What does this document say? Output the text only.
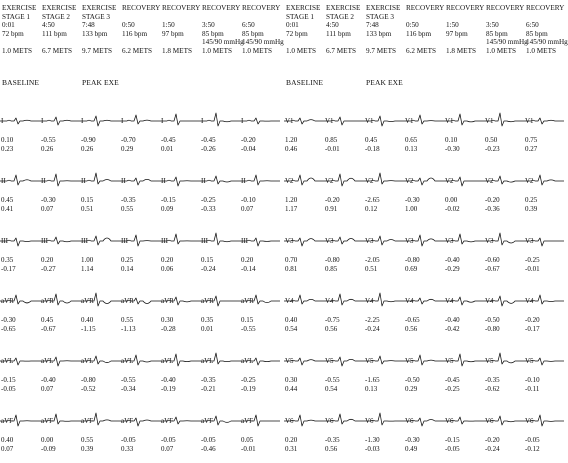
EXERCISE
STAGE 1
0:01
72 bpm
1.0 METS
EXERCISE
STAGE 2
4:50
111 bpm
6.7 METS
EXERCISE
STAGE 3
7:48
133 bpm
9.7 METS
RECOVERY
0:50
116 bpm
6.2 METS
RECOVERY
1:50
97 bpm
1.8 METS
RECOVERY
3:50
85 bpm
145/90 mmHg
1.0 METS
RECOVERY
6:50
85 bpm
145/90 mmHg
1.0 METS
BASELINE	PEAK EXE
I
0.10
0.23
I
-0.55
0.26
I
-0.90
0.26
I
-0.70
0.29
I
-0.45
0.01
I
-0.45
-0.26
I
-0.20
-0.04
II
0.45
0.41
II
-0.30
0.07
II
0.15
0.51
II
-0.35
0.55
II
-0.15
0.09
II
-0.25
-0.33
II
-0.10
0.07
III
0.35
-0.17
III
0.20
-0.27
III
1.00
1.14
III
0.25
0.14
III
0.20
0.06
III
0.15
-0.24
III
0.20
-0.14
aVR
-0.30
-0.65
aVR
0.45
-0.67
aVR
0.40
-1.15
aVR
0.55
-1.13
aVR
0.30
-0.28
aVR
0.35
0.01
aVR
0.15
-0.55
aVL
-0.15
-0.05
aVL
-0.40
0.07
aVL
-0.80
-0.52
aVL
-0.55
-0.34
aVL
-0.40
-0.19
aVL
-0.35
-0.21
aVL
-0.25
-0.19
aVF
0.40
0.07
aVF
0.00
-0.09
aVF
0.55
0.39
aVF
-0.05
0.33
aVF
-0.05
0.07
aVF
-0.05
-0.46
aVF
0.05
-0.01
EXERCISE
STAGE 1
0:01
72 bpm
1.0 METS
EXERCISE
STAGE 2
4:50
111 bpm
6.7 METS
EXERCISE
STAGE 3
7:48
133 bpm
9.7 METS
RECOVERY
0:50
116 bpm
6.2 METS
RECOVERY
1:50
97 bpm
1.8 METS
RECOVERY
3:50
85 bpm
145/90 mmHg
1.0 METS
RECOVERY
6:50
85 bpm
145/90 mmHg
1.0 METS
BASELINE	PEAK EXE
V1
1.20
0.46
V1
0.85
-0.01
V1
0.45
-0.18
V1
0.65
0.13
V1
0.10
-0.30
V1
0.50
-0.23
V1
0.75
0.27
V2
1.20
1.17
V2
-0.20
0.91
V2
-2.65
0.12
V2
-0.30
1.00
V2
0.00
-0.02
V2
-0.20
-0.36
V2
0.25
0.39
V3
0.70
0.81
V3
-0.80
0.85
V3
-2.05
0.51
V3
-0.80
0.69
V3
-0.40
-0.29
V3
-0.60
-0.67
V3
-0.25
-0.01
V4
0.40
0.54
V4
-0.75
0.56
V4
-2.25
-0.24
V4
-0.65
0.56
V4
-0.40
-0.42
V4
-0.50
-0.80
V4
-0.20
-0.17
V5
0.30
0.44
V5
-0.55
0.54
V5
-1.65
0.13
V5
-0.50
0.29
V5
-0.45
-0.25
V5
-0.35
-0.62
V5
-0.10
-0.11
V6
0.20
0.31
V6
-0.35
0.56
V6
-1.30
-0.03
V6
-0.30
0.49
V6
-0.15
-0.05
V6
-0.20
-0.24
V6
-0.05
-0.12
